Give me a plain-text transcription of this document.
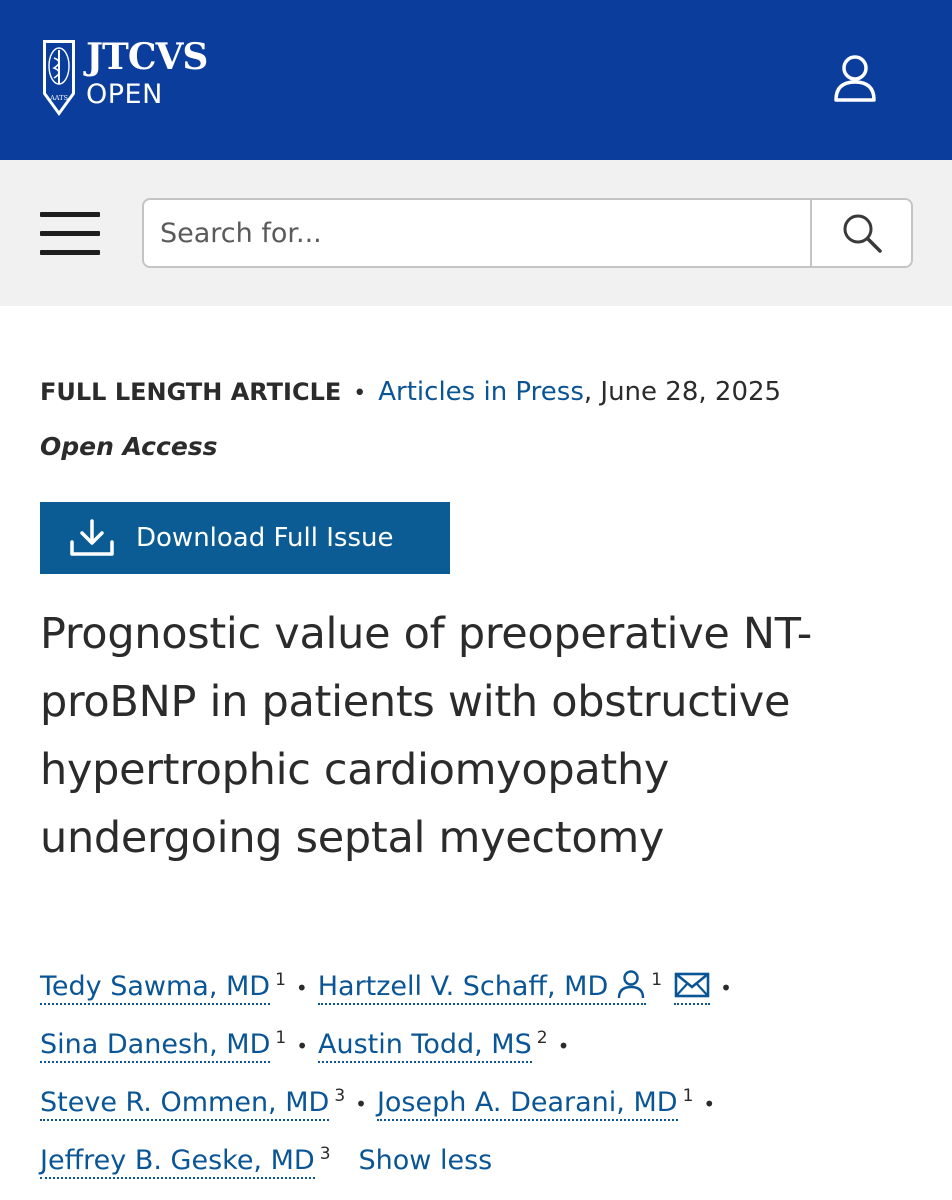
AATS
JTCVS
OPEN
Search for...
FULL LENGTH ARTICLE • Articles in Press, June 28, 2025
Open Access
Download Full Issue
Prognostic value of preoperative NT-proBNP in patients with obstructive hypertrophic cardiomyopathy undergoing septal myectomy
Tedy Sawma, MD $^1$ • Hartzell V. Schaff, MD	$^1$	•
Sina Danesh, MD $^1$ • Austin Todd, MS $^2$ •
Steve R. Ommen, MD $^3$ • Joseph A. Dearani, MD $^1$ •
Jeffrey B. Geske, MD $^3$ Show less
